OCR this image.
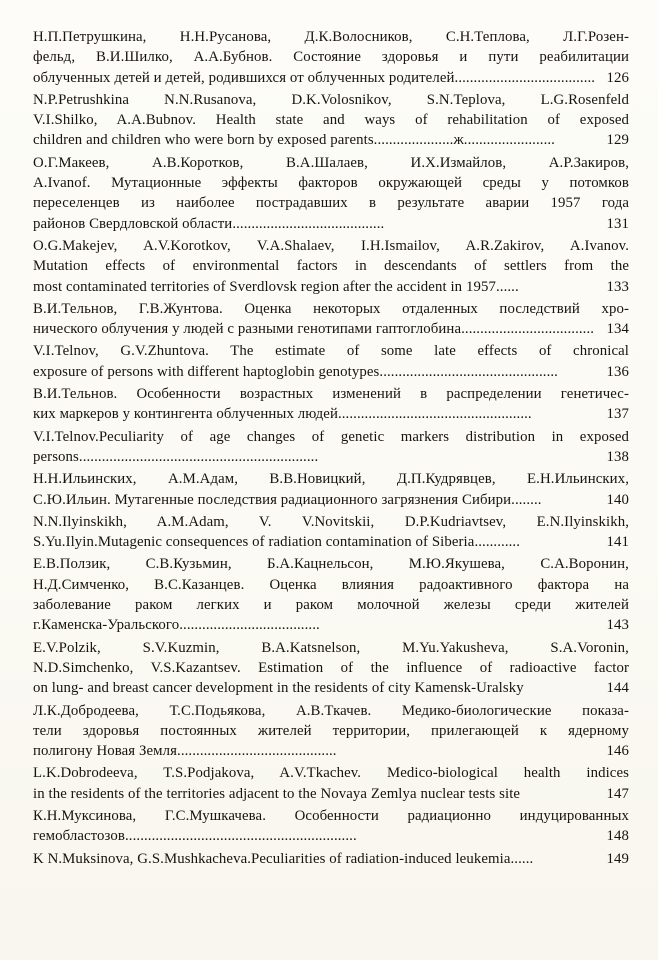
Н.П.Петрушкина, Н.Н.Русанова, Д.К.Волосников, С.Н.Теплова, Л.Г.Розен-
фельд, В.И.Шилко, А.А.Бубнов. Состояние здоровья и пути реабилитации
облученных детей и детей, родившихся от облученных родителей..................................... 126
N.P.Petrushkina N.N.Rusanova, D.K.Volosnikov, S.N.Teplova, L.G.Rosenfeld
V.I.Shilko, A.A.Bubnov. Health state and ways of rehabilitation of exposed
children and children who were born by exposed parents.....................ж........................	129
О.Г.Макеев, А.В.Коротков, В.А.Шалаев, И.Х.Измайлов, А.Р.Закиров,
A.Ivanof. Мутационные эффекты факторов окружающей среды у потомков
переселенцев из наиболее пострадавших в результате аварии 1957 года
районов Свердловской области........................................	131
O.G.Makejev, A.V.Korotkov, V.A.Shalaev, I.H.Ismailov, A.R.Zakirov, A.Ivanov.
Mutation effects of environmental factors in descendants of settlers from the
most contaminated territories of Sverdlovsk region after the accident in 1957......	133
В.И.Тельнов, Г.В.Жунтова. Оценка некоторых отдаленных последствий хро-
нического облучения у людей с разными генотипами гаптоглобина................................... 134
V.I.Telnov, G.V.Zhuntova. The estimate of some late effects of chronical
exposure of persons with different haptoglobin genotypes...............................................	136
В.И.Тельнов. Особенности возрастных изменений в распределении генетичес-
ких маркеров у контингента облученных людей...................................................	137
V.I.Telnov.Peculiarity of age changes of genetic markers distribution in exposed
persons...............................................................	138
Н.Н.Ильинских, А.М.Адам, В.В.Новицкий, Д.П.Кудрявцев, Е.Н.Ильинских,
С.Ю.Ильин. Мутагенные последствия радиационного загрязнения Сибири........	140
N.N.Ilyinskikh, A.M.Adam, V. V.Novitskii, D.P.Kudriavtsev, E.N.Ilyinskikh,
S.Yu.Ilyin.Mutagenic consequences of radiation contamination of Siberia............	141
Е.В.Ползик, С.В.Кузьмин, Б.А.Кацнельсон, М.Ю.Якушева, С.А.Воронин,
Н.Д.Симченко, В.С.Казанцев. Оценка влияния радоактивного фактора на
заболевание раком легких и раком молочной железы среди жителей
г.Каменска-Уральского.....................................	143
E.V.Polzik, S.V.Kuzmin, B.A.Katsnelson, M.Yu.Yakusheva, S.A.Voronin,
N.D.Simchenko, V.S.Kazantsev. Estimation of the influence of radioactive factor
on lung- and breast cancer development in the residents of city Kamensk-Uralsky	144
Л.К.Добродеева, Т.С.Подьякова, А.В.Ткачев. Медико-биологические показа-
тели здоровья постоянных жителей территории, прилегающей к ядерному
полигону Новая Земля..........................................	146
L.K.Dobrodeeva, T.S.Podjakova, A.V.Tkachev. Medico-biological health indices
in the residents of the territories adjacent to the Novaya Zemlya nuclear tests site	147
К.Н.Муксинова, Г.С.Мушкачева. Особенности радиационно индуцированных
гемобластозов.............................................................	148
K N.Muksinova, G.S.Mushkacheva.Peculiarities of radiation-induced leukemia......	149
